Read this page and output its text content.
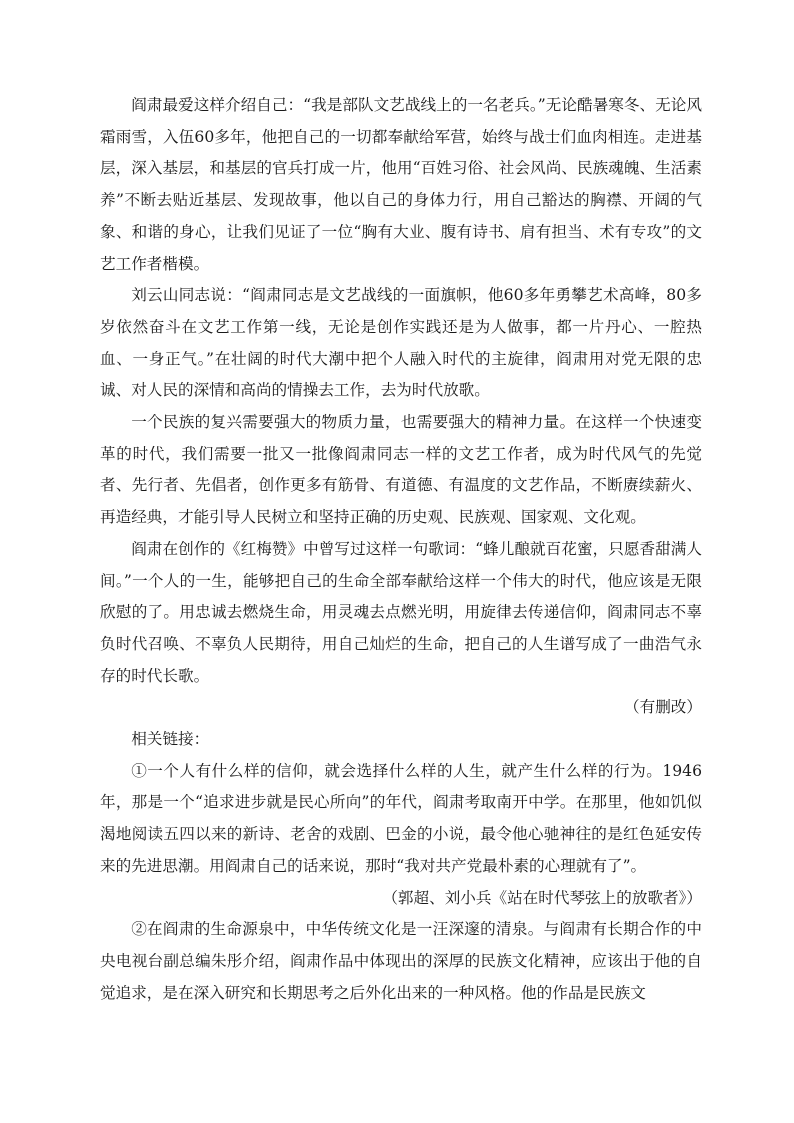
阎肃最爱这样介绍自己：“我是部队文艺战线上的一名老兵。”无论酷暑寒冬、无论风霜雨雪，入伍60多年，他把自己的一切都奉献给军营，始终与战士们血肉相连。走进基层，深入基层，和基层的官兵打成一片，他用“百姓习俗、社会风尚、民族魂魄、生活素养”不断去贴近基层、发现故事，他以自己的身体力行，用自己豁达的胸襟、开阔的气象、和谐的身心，让我们见证了一位“胸有大业、腹有诗书、肩有担当、术有专攻”的文艺工作者楷模。

刘云山同志说：“阎肃同志是文艺战线的一面旗帜，他60多年勇攀艺术高峰，80多岁依然奋斗在文艺工作第一线，无论是创作实践还是为人做事，都一片丹心、一腔热血、一身正气。”在壮阔的时代大潮中把个人融入时代的主旋律，阎肃用对党无限的忠诚、对人民的深情和高尚的情操去工作，去为时代放歌。

一个民族的复兴需要强大的物质力量，也需要强大的精神力量。在这样一个快速变革的时代，我们需要一批又一批像阎肃同志一样的文艺工作者，成为时代风气的先觉者、先行者、先倡者，创作更多有筋骨、有道德、有温度的文艺作品，不断赓续薪火、再造经典，才能引导人民树立和坚持正确的历史观、民族观、国家观、文化观。

阎肃在创作的《红梅赞》中曾写过这样一句歌词：“蜂儿酿就百花蜜，只愿香甜满人间。”一个人的一生，能够把自己的生命全部奉献给这样一个伟大的时代，他应该是无限欣慰的了。用忠诚去燃烧生命，用灵魂去点燃光明，用旋律去传递信仰，阎肃同志不辜负时代召唤、不辜负人民期待，用自己灿烂的生命，把自己的人生谱写成了一曲浩气永存的时代长歌。

（有删改）

相关链接：

①一个人有什么样的信仰，就会选择什么样的人生，就产生什么样的行为。1946年，那是一个“追求进步就是民心所向”的年代，阎肃考取南开中学。在那里，他如饥似渴地阅读五四以来的新诗、老舍的戏剧、巴金的小说，最令他心驰神往的是红色延安传来的先进思潮。用阎肃自己的话来说，那时“我对共产党最朴素的心理就有了”。

（郭超、刘小兵《站在时代琴弦上的放歌者》）

②在阎肃的生命源泉中，中华传统文化是一汪深邃的清泉。与阎肃有长期合作的中央电视台副总编朱彤介绍，阎肃作品中体现出的深厚的民族文化精神，应该出于他的自觉追求，是在深入研究和长期思考之后外化出来的一种风格。他的作品是民族文
